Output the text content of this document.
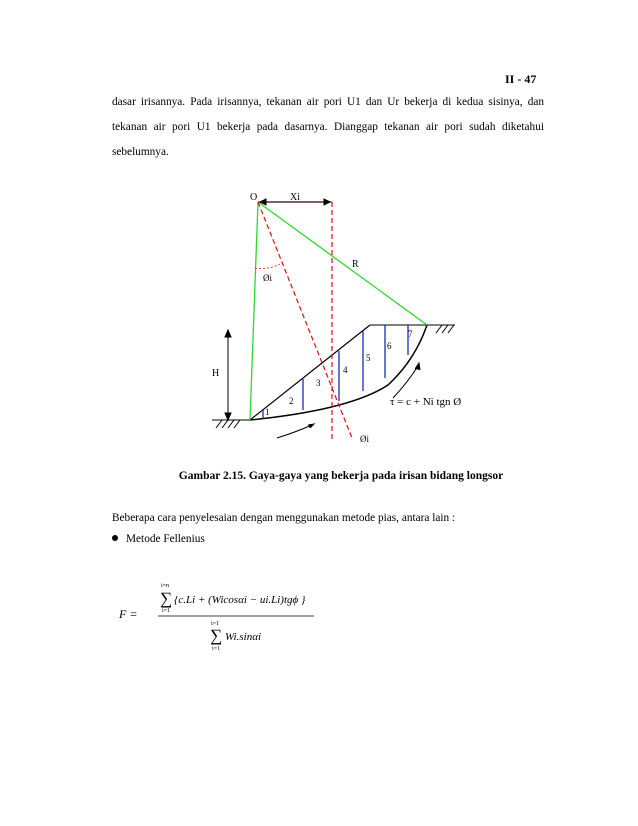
II - 47
dasar irisannya. Pada irisannya, tekanan air pori U1 dan Ur bekerja di kedua sisinya, dan
tekanan air pori U1 bekerja pada dasarnya. Dianggap tekanan air pori sudah diketahui
sebelumnya.
O	Xi
R
Øi
H
Øi
τ = c + Ni tgn Ø
1
2
3
4
5
6
7
Gambar 2.15. Gaya-gaya yang bekerja pada irisan bidang longsor
Beberapa cara penyelesaian dengan menggunakan metode pias, antara lain :
Metode Fellenius
F =
i=n
∑
i=1
{c.Li + (Wicosαi − ui.Li)tgϕ }
i=1
∑
i=1
Wi.sinαi
